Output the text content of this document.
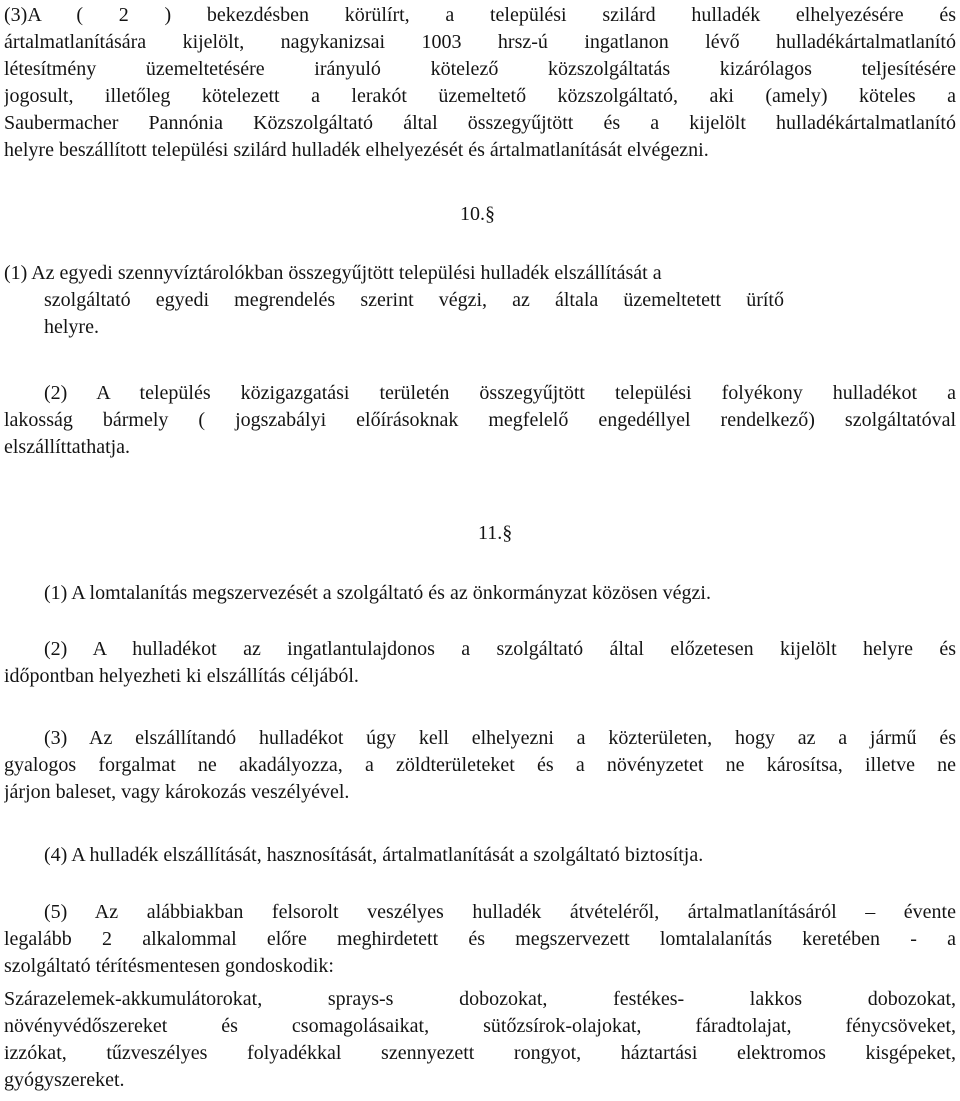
(3)A ( 2 ) bekezdésben körülírt, a települési szilárd hulladék elhelyezésére és
ártalmatlanítására kijelölt, nagykanizsai 1003 hrsz-ú ingatlanon lévő hulladékártalmatlanító
létesítmény üzemeltetésére irányuló kötelező közszolgáltatás kizárólagos teljesítésére
jogosult, illetőleg kötelezett a lerakót üzemeltető közszolgáltató, aki (amely) köteles a
Saubermacher Pannónia Közszolgáltató által összegyűjtött és a kijelölt hulladékártalmatlanító
helyre beszállított települési szilárd hulladék elhelyezését és ártalmatlanítását elvégezni.
10.§
(1) Az egyedi szennyvíztárolókban összegyűjtött települési hulladék elszállítását a
szolgáltató egyedi megrendelés szerint végzi, az általa üzemeltetett ürítő
helyre.
(2) A település közigazgatási területén összegyűjtött települési folyékony hulladékot a
lakosság bármely ( jogszabályi előírásoknak megfelelő engedéllyel rendelkező) szolgáltatóval
elszállíttathatja.
11.§
(1) A lomtalanítás megszervezését a szolgáltató és az önkormányzat közösen végzi.
(2) A hulladékot az ingatlantulajdonos a szolgáltató által előzetesen kijelölt helyre és
időpontban helyezheti ki elszállítás céljából.
(3) Az elszállítandó hulladékot úgy kell elhelyezni a közterületen, hogy az a jármű és
gyalogos forgalmat ne akadályozza, a zöldterületeket és a növényzetet ne károsítsa, illetve ne
járjon baleset, vagy károkozás veszélyével.
(4) A hulladék elszállítását, hasznosítását, ártalmatlanítását a szolgáltató biztosítja.
(5) Az alábbiakban felsorolt veszélyes hulladék átvételéről, ártalmatlanításáról – évente
legalább 2 alkalommal előre meghirdetett és megszervezett lomtalalanítás keretében - a
szolgáltató térítésmentesen gondoskodik:
Szárazelemek-akkumulátorokat, sprays-s dobozokat, festékes- lakkos dobozokat,
növényvédőszereket és csomagolásaikat, sütőzsírok-olajokat, fáradtolajat, fénycsöveket,
izzókat, tűzveszélyes folyadékkal szennyezett rongyot, háztartási elektromos kisgépeket,
gyógyszereket.
